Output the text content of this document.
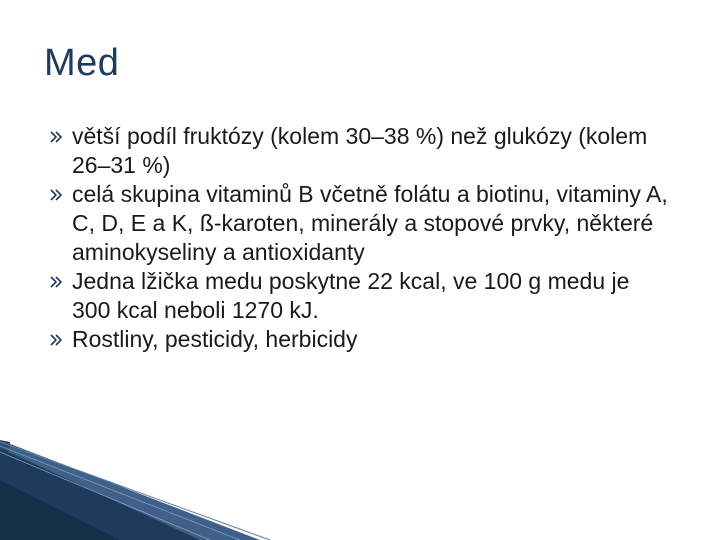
Med
větší podíl fruktózy (kolem 30–38 %) než glukózy (kolem 26–31 %)
celá skupina vitaminů B včetně folátu a biotinu, vitaminy A, C, D, E a K, ß-karoten, minerály a stopové prvky, některé aminokyseliny a antioxidanty
Jedna lžička medu poskytne 22 kcal, ve 100 g medu je 300 kcal neboli 1270 kJ.
Rostliny, pesticidy, herbicidy
